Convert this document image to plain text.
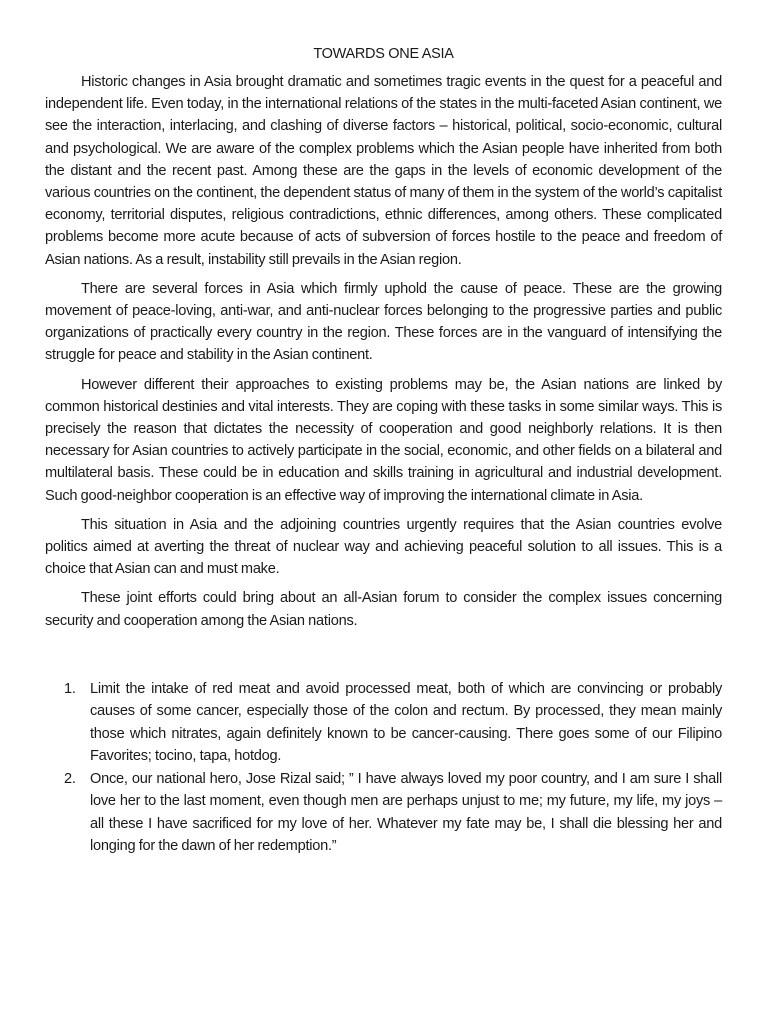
TOWARDS ONE ASIA

Historic changes in Asia brought dramatic and sometimes tragic events in the quest for a peaceful and independent life. Even today, in the international relations of the states in the multi-faceted Asian continent, we see the interaction, interlacing, and clashing of diverse factors – historical, political, socio-economic, cultural and psychological. We are aware of the complex problems which the Asian people have inherited from both the distant and the recent past. Among these are the gaps in the levels of economic development of the various countries on the continent, the dependent status of many of them in the system of the world’s capitalist economy, territorial disputes, religious contradictions, ethnic differences, among others. These complicated problems become more acute because of acts of subversion of forces hostile to the peace and freedom of Asian nations. As a result, instability still prevails in the Asian region.

There are several forces in Asia which firmly uphold the cause of peace. These are the growing movement of peace-loving, anti-war, and anti-nuclear forces belonging to the progressive parties and public organizations of practically every country in the region. These forces are in the vanguard of intensifying the struggle for peace and stability in the Asian continent.

However different their approaches to existing problems may be, the Asian nations are linked by common historical destinies and vital interests. They are coping with these tasks in some similar ways. This is precisely the reason that dictates the necessity of cooperation and good neighborly relations. It is then necessary for Asian countries to actively participate in the social, economic, and other fields on a bilateral and multilateral basis. These could be in education and skills training in agricultural and industrial development. Such good-neighbor cooperation is an effective way of improving the international climate in Asia.

This situation in Asia and the adjoining countries urgently requires that the Asian countries evolve politics aimed at averting the threat of nuclear way and achieving peaceful solution to all issues. This is a choice that Asian can and must make.

These joint efforts could bring about an all-Asian forum to consider the complex issues concerning security and cooperation among the Asian nations.

1. Limit the intake of red meat and avoid processed meat, both of which are convincing or probably causes of some cancer, especially those of the colon and rectum. By processed, they mean mainly those which nitrates, again definitely known to be cancer-causing. There goes some of our Filipino Favorites; tocino, tapa, hotdog.
2. Once, our national hero, Jose Rizal said; ” I have always loved my poor country, and I am sure I shall love her to the last moment, even though men are perhaps unjust to me; my future, my life, my joys – all these I have sacrificed for my love of her. Whatever my fate may be, I shall die blessing her and longing for the dawn of her redemption.”
